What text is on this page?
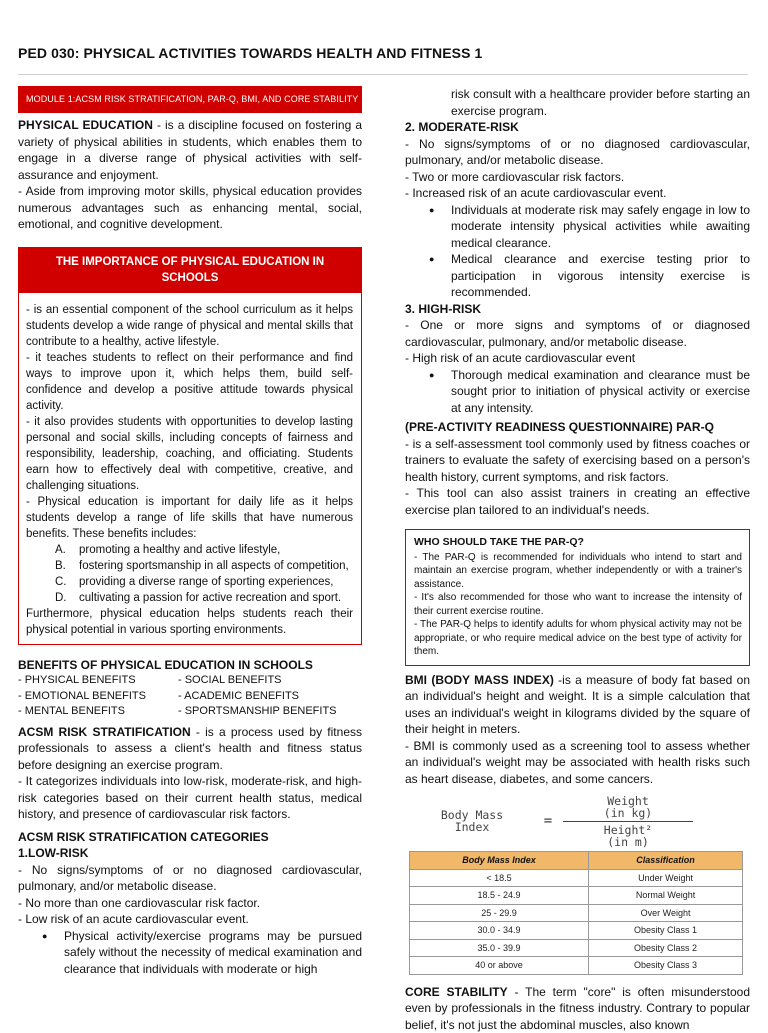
PED 030: PHYSICAL ACTIVITIES TOWARDS HEALTH AND FITNESS 1
MODULE 1:ACSM RISK STRATIFICATION, PAR-Q, BMI, AND CORE STABILITY

PHYSICAL EDUCATION - is a discipline focused on fostering a variety of physical abilities in students, which enables them to engage in a diverse range of physical activities with self-assurance and enjoyment.

- Aside from improving motor skills, physical education provides numerous advantages such as enhancing mental, social, emotional, and cognitive development.

THE IMPORTANCE OF PHYSICAL EDUCATION IN SCHOOLS

- is an essential component of the school curriculum as it helps students develop a wide range of physical and mental skills that contribute to a healthy, active lifestyle.

- it teaches students to reflect on their performance and find ways to improve upon it, which helps them, build self-confidence and develop a positive attitude towards physical activity.

- it also provides students with opportunities to develop lasting personal and social skills, including concepts of fairness and responsibility, leadership, coaching, and officiating. Students earn how to effectively deal with competitive, creative, and challenging situations.

- Physical education is important for daily life as it helps students develop a range of life skills that have numerous benefits. These benefits includes:

A.	promoting a healthy and active lifestyle,
B.	fostering sportsmanship in all aspects of competition,
C.	providing a diverse range of sporting experiences,
D.	cultivating a passion for active recreation and sport.

Furthermore, physical education helps students reach their physical potential in various sporting environments.

BENEFITS OF PHYSICAL EDUCATION IN SCHOOLS
- PHYSICAL BENEFITS
- EMOTIONAL BENEFITS
- MENTAL BENEFITS
- SOCIAL BENEFITS
- ACADEMIC BENEFITS
- SPORTSMANSHIP BENEFITS

ACSM RISK STRATIFICATION - is a process used by fitness professionals to assess a client's health and fitness status before designing an exercise program.

- It categorizes individuals into low-risk, moderate-risk, and high-risk categories based on their current health status, medical history, and presence of cardiovascular risk factors.

ACSM RISK STRATIFICATION CATEGORIES
1.LOW-RISK

- No signs/symptoms of or no diagnosed cardiovascular, pulmonary, and/or metabolic disease.

- No more than one cardiovascular risk factor.

- Low risk of an acute cardiovascular event.

●	Physical activity/exercise programs may be pursued safely without the necessity of medical examination and clearance that individuals with moderate or high

risk consult with a healthcare provider before starting an exercise program.

2. MODERATE-RISK

- No signs/symptoms of or no diagnosed cardiovascular, pulmonary, and/or metabolic disease.

- Two or more cardiovascular risk factors.

- Increased risk of an acute cardiovascular event.

●	Individuals at moderate risk may safely engage in low to moderate intensity physical activities while awaiting medical clearance.
●	Medical clearance and exercise testing prior to participation in vigorous intensity exercise is recommended.
3. HIGH-RISK

- One or more signs and symptoms of or diagnosed cardiovascular, pulmonary, and/or metabolic disease.

- High risk of an acute cardiovascular event

●	Thorough medical examination and clearance must be sought prior to initiation of physical activity or exercise at any intensity.
(PRE-ACTIVITY READINESS QUESTIONNAIRE) PAR-Q

- is a self-assessment tool commonly used by fitness coaches or trainers to evaluate the safety of exercising based on a person's health history, current symptoms, and risk factors.

- This tool can also assist trainers in creating an effective exercise plan tailored to an individual's needs.

WHO SHOULD TAKE THE PAR-Q?

- The PAR-Q is recommended for individuals who intend to start and maintain an exercise program, whether independently or with a trainer's assistance.

- It's also recommended for those who want to increase the intensity of their current exercise routine.

- The PAR-Q helps to identify adults for whom physical activity may not be appropriate, or who require medical advice on the best type of activity for them.

BMI (BODY MASS INDEX) -is a measure of body fat based on an individual's height and weight. It is a simple calculation that uses an individual's weight in kilograms divided by the square of their height in meters.

- BMI is commonly used as a screening tool to assess whether an individual's weight may be associated with health risks such as heart disease, diabetes, and some cancers.

Body Mass
Index	=
Weight
(in kg)
Height²
(in m)
Body Mass Index	Classification
< 18.5	Under Weight
18.5 - 24.9	Normal Weight
25 - 29.9	Over Weight
30.0 - 34.9	Obesity Class 1
35.0 - 39.9	Obesity Class 2
40 or above	Obesity Class 3

CORE STABILITY - The term "core" is often misunderstood even by professionals in the fitness industry. Contrary to popular belief, it's not just the abdominal muscles, also known
